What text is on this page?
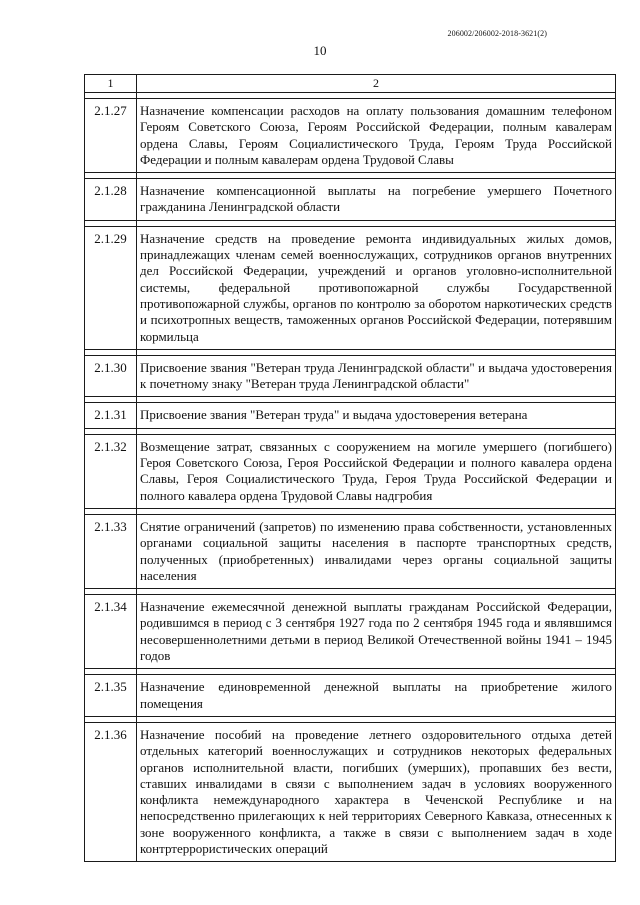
206002/206002-2018-3621(2)
10
1	2

2.1.27	Назначение компенсации расходов на оплату пользования домашним телефоном Героям Советского Союза, Героям Российской Федерации, полным кавалерам ордена Славы, Героям Социалистического Труда, Героям Труда Российской Федерации и полным кавалерам ордена Трудовой Славы

2.1.28	Назначение компенсационной выплаты на погребение умершего Почетного гражданина Ленинградской области

2.1.29	Назначение средств на проведение ремонта индивидуальных жилых домов, принадлежащих членам семей военнослужащих, сотрудников органов внутренних дел Российской Федерации, учреждений и органов уголовно-исполнительной системы, федеральной противопожарной службы Государственной противопожарной службы, органов по контролю за оборотом наркотических средств и психотропных веществ, таможенных органов Российской Федерации, потерявшим кормильца

2.1.30	Присвоение звания "Ветеран труда Ленинградской области" и выдача удостоверения к почетному знаку "Ветеран труда Ленинградской области"

2.1.31	Присвоение звания "Ветеран труда" и выдача удостоверения ветерана

2.1.32	Возмещение затрат, связанных с сооружением на могиле умершего (погибшего) Героя Советского Союза, Героя Российской Федерации и полного кавалера ордена Славы, Героя Социалистического Труда, Героя Труда Российской Федерации и полного кавалера ордена Трудовой Славы надгробия

2.1.33	Снятие ограничений (запретов) по изменению права собственности, установленных органами социальной защиты населения в паспорте транспортных средств, полученных (приобретенных) инвалидами через органы социальной защиты населения

2.1.34	Назначение ежемесячной денежной выплаты гражданам Российской Федерации, родившимся в период с 3 сентября 1927 года по 2 сентября 1945 года и являвшимся несовершеннолетними детьми в период Великой Отечественной войны 1941 – 1945 годов

2.1.35	Назначение единовременной денежной выплаты на приобретение жилого помещения

2.1.36	Назначение пособий на проведение летнего оздоровительного отдыха детей отдельных категорий военнослужащих и сотрудников некоторых федеральных органов исполнительной власти, погибших (умерших), пропавших без вести, ставших инвалидами в связи с выполнением задач в условиях вооруженного конфликта немеждународного характера в Чеченской Республике и на непосредственно прилегающих к ней территориях Северного Кавказа, отнесенных к зоне вооруженного конфликта, а также в связи с выполнением задач в ходе контртеррористических операций
